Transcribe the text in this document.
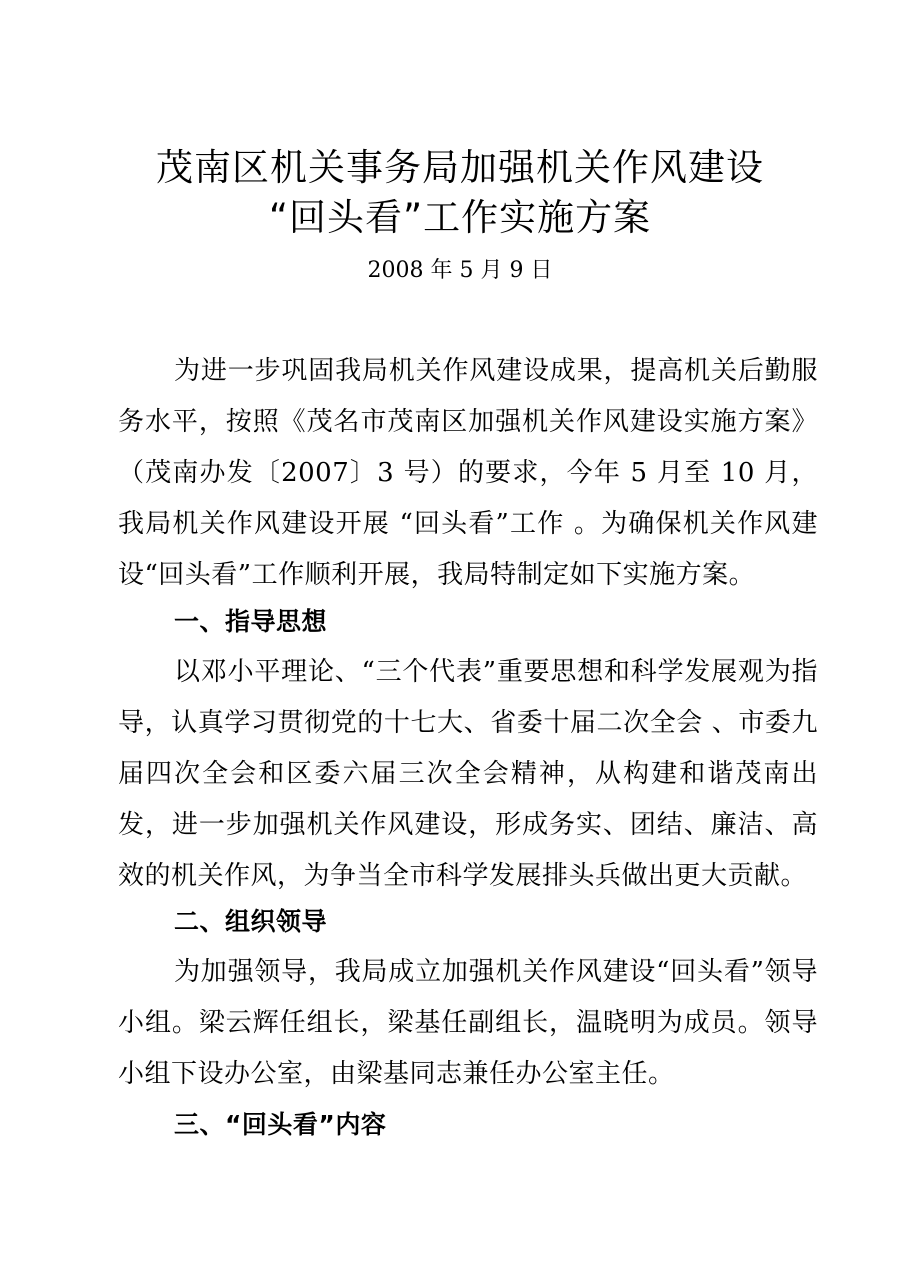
茂南区机关事务局加强机关作风建设
“回头看”工作实施方案
2008 年 5 月 9 日

为进一步巩固我局机关作风建设成果，提高机关后勤服务水平，按照《茂名市茂南区加强机关作风建设实施方案》（茂南办发〔2007〕3 号）的要求，今年 5 月至 10 月，我局机关作风建设开展 “回头看”工作 。为确保机关作风建设“回头看”工作顺利开展，我局特制定如下实施方案。

一、指导思想

以邓小平理论、“三个代表”重要思想和科学发展观为指导，认真学习贯彻党的十七大、省委十届二次全会 、市委九届四次全会和区委六届三次全会精神，从构建和谐茂南出发，进一步加强机关作风建设，形成务实、团结、廉洁、高效的机关作风，为争当全市科学发展排头兵做出更大贡献。

二、组织领导

为加强领导，我局成立加强机关作风建设“回头看”领导小组。梁云辉任组长，梁基任副组长，温晓明为成员。领导小组下设办公室，由梁基同志兼任办公室主任。

三、“回头看”内容
